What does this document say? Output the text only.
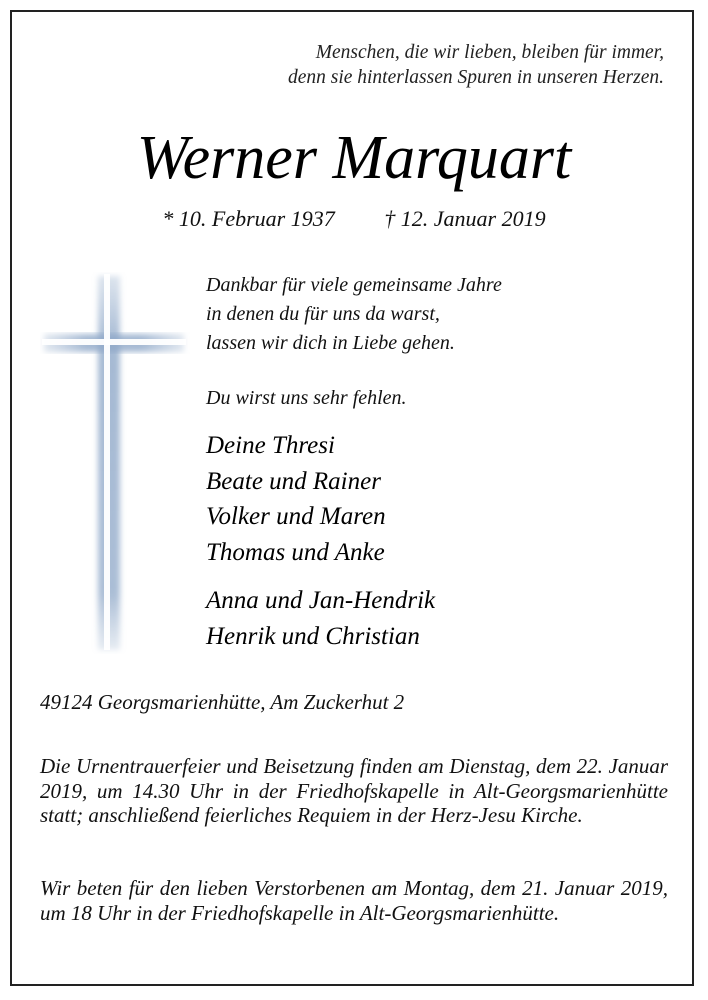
Menschen, die wir lieben, bleiben für immer,
denn sie hinterlassen Spuren in unseren Herzen.
Werner Marquart
* 10. Februar 1937 † 12. Januar 2019
Dankbar für viele gemeinsame Jahre
in denen du für uns da warst,
lassen wir dich in Liebe gehen.
Du wirst uns sehr fehlen.
Deine Thresi
Beate und Rainer
Volker und Maren
Thomas und Anke
Anna und Jan-Hendrik
Henrik und Christian
49124 Georgsmarienhütte, Am Zuckerhut 2
Die Urnentrauerfeier und Beisetzung finden am Dienstag, dem 22. Januar 2019, um 14.30 Uhr in der Friedhofskapelle in Alt-Georgsmarienhütte statt; anschließend feierliches Requiem in der Herz-Jesu Kirche.
Wir beten für den lieben Verstorbenen am Montag, dem 21. Januar 2019, um 18 Uhr in der Friedhofskapelle in Alt-Georgsmarienhütte.
